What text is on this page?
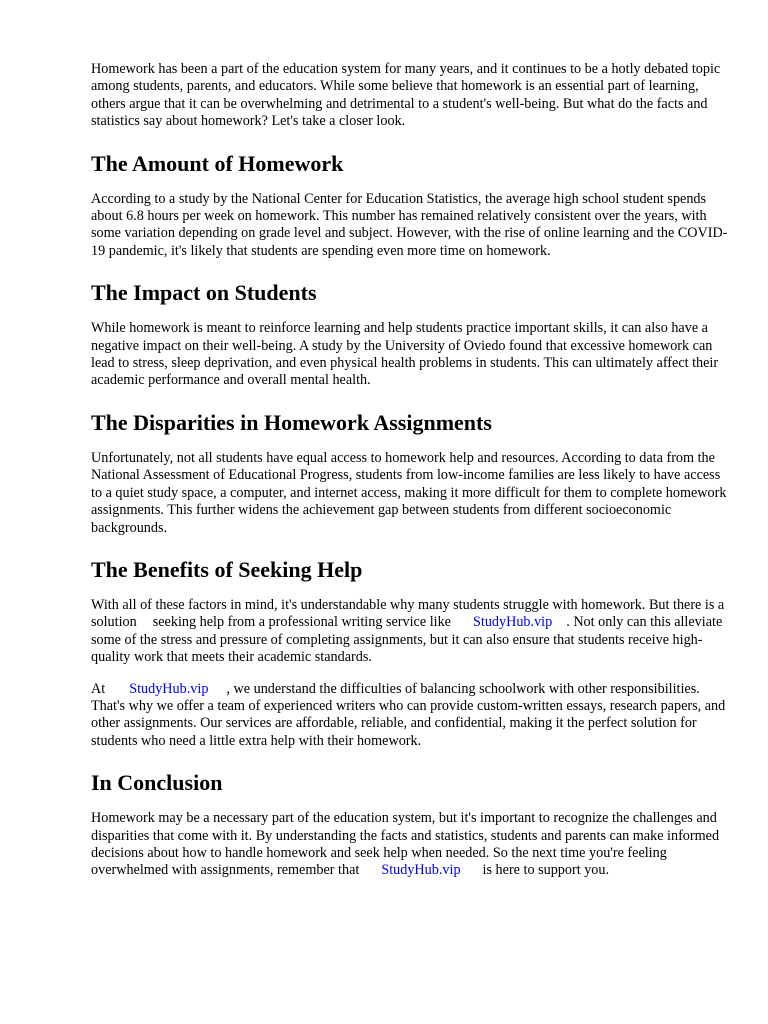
Homework has been a part of the education system for many years, and it continues to be a hotly debated topic among students, parents, and educators. While some believe that homework is an essential part of learning, others argue that it can be overwhelming and detrimental to a student's well-being. But what do the facts and statistics say about homework? Let's take a closer look.

The Amount of Homework

According to a study by the National Center for Education Statistics, the average high school student spends about 6.8 hours per week on homework. This number has remained relatively consistent over the years, with some variation depending on grade level and subject. However, with the rise of online learning and the COVID-19 pandemic, it's likely that students are spending even more time on homework.

The Impact on Students

While homework is meant to reinforce learning and help students practice important skills, it can also have a negative impact on their well-being. A study by the University of Oviedo found that excessive homework can lead to stress, sleep deprivation, and even physical health problems in students. This can ultimately affect their academic performance and overall mental health.

The Disparities in Homework Assignments

Unfortunately, not all students have equal access to homework help and resources. According to data from the National Assessment of Educational Progress, students from low-income families are less likely to have access to a quiet study space, a computer, and internet access, making it more difficult for them to complete homework assignments. This further widens the achievement gap between students from different socioeconomic backgrounds.

The Benefits of Seeking Help

With all of these factors in mind, it's understandable why many students struggle with homework. But there is a solution seeking help from a professional writing service like StudyHub.vip . Not only can this alleviate some of the stress and pressure of completing assignments, but it can also ensure that students receive high-quality work that meets their academic standards.

At StudyHub.vip , we understand the difficulties of balancing schoolwork with other responsibilities. That's why we offer a team of experienced writers who can provide custom-written essays, research papers, and other assignments. Our services are affordable, reliable, and confidential, making it the perfect solution for students who need a little extra help with their homework.

In Conclusion

Homework may be a necessary part of the education system, but it's important to recognize the challenges and disparities that come with it. By understanding the facts and statistics, students and parents can make informed decisions about how to handle homework and seek help when needed. So the next time you're feeling overwhelmed with assignments, remember that StudyHub.vip is here to support you.
